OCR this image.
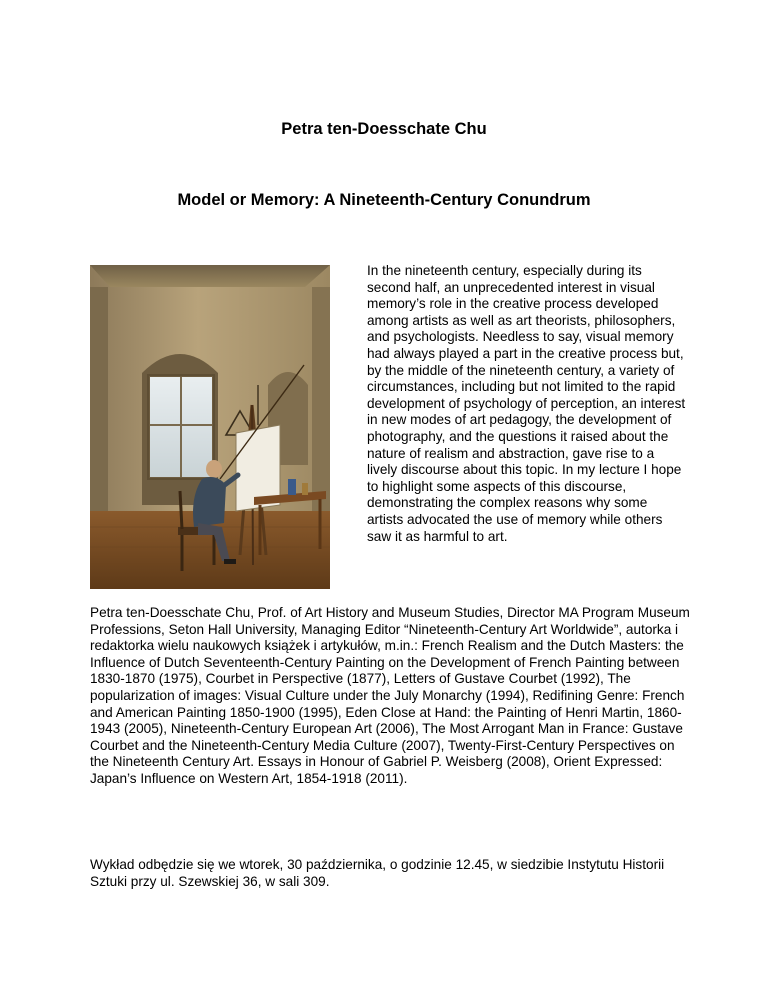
Petra ten-Doesschate Chu
Model or Memory: A Nineteenth-Century Conundrum

In the nineteenth century, especially during its second half, an unprecedented interest in visual memory’s role in the creative process developed among artists as well as art theorists, philosophers, and psychologists. Needless to say, visual memory had always played a part in the creative process but, by the middle of the nineteenth century, a variety of circumstances, including but not limited to the rapid development of psychology of perception, an interest in new modes of art pedagogy, the development of photography, and the questions it raised about the nature of realism and abstraction, gave rise to a lively discourse about this topic. In my lecture I hope to highlight some aspects of this discourse, demonstrating the complex reasons why some artists advocated the use of memory while others saw it as harmful to art.

Petra ten-Doesschate Chu, Prof. of Art History and Museum Studies, Director MA Program Museum Professions, Seton Hall University, Managing Editor “Nineteenth-Century Art Worldwide”, autorka i redaktorka wielu naukowych książek i artykułów, m.in.: French Realism and the Dutch Masters: the Influence of Dutch Seventeenth-Century Painting on the Development of French Painting between 1830-1870 (1975), Courbet in Perspective (1877), Letters of Gustave Courbet (1992), The popularization of images: Visual Culture under the July Monarchy (1994), Redifining Genre: French and American Painting 1850-1900 (1995), Eden Close at Hand: the Painting of Henri Martin, 1860-1943 (2005), Nineteenth-Century European Art (2006), The Most Arrogant Man in France: Gustave Courbet and the Nineteenth-Century Media Culture (2007), Twenty-First-Century Perspectives on the Nineteenth Century Art. Essays in Honour of Gabriel P. Weisberg (2008), Orient Expressed: Japan’s Influence on Western Art, 1854-1918 (2011).

Wykład odbędzie się we wtorek, 30 października, o godzinie 12.45, w siedzibie Instytutu Historii Sztuki przy ul. Szewskiej 36, w sali 309.
